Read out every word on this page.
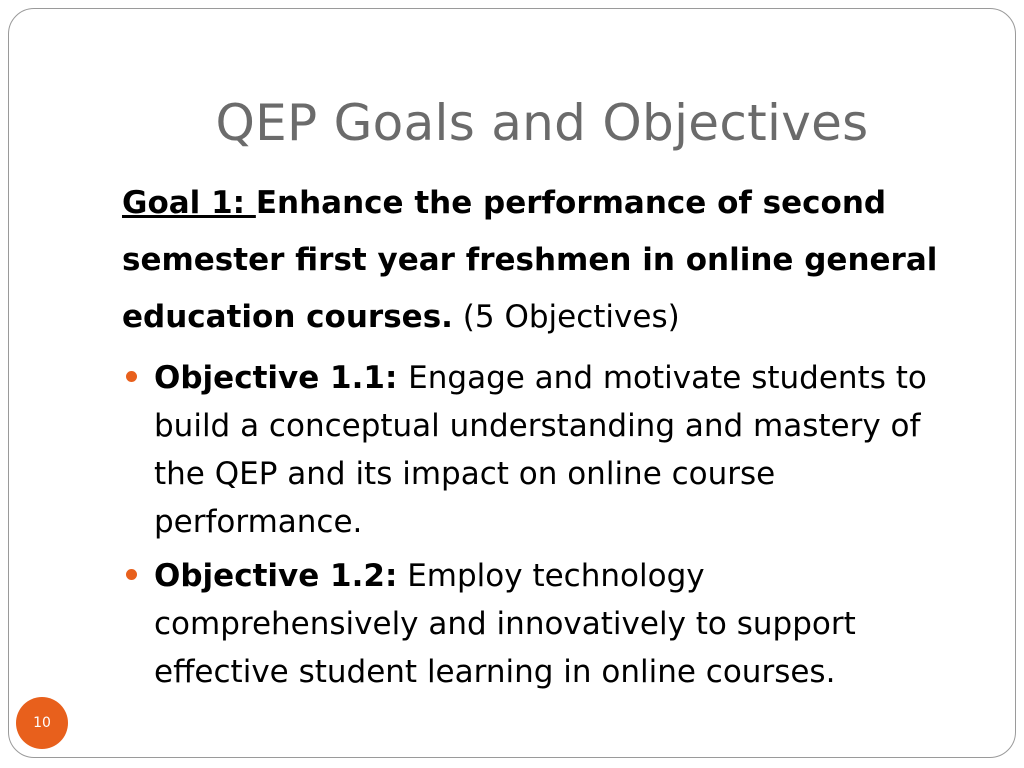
QEP Goals and Objectives

Goal 1: Enhance the performance of second semester first year freshmen in online general education courses. (5 Objectives)

Objective 1.1: Engage and motivate students to build a conceptual understanding and mastery of the QEP and its impact on online course performance.
Objective 1.2: Employ technology comprehensively and innovatively to support effective student learning in online courses.
10
